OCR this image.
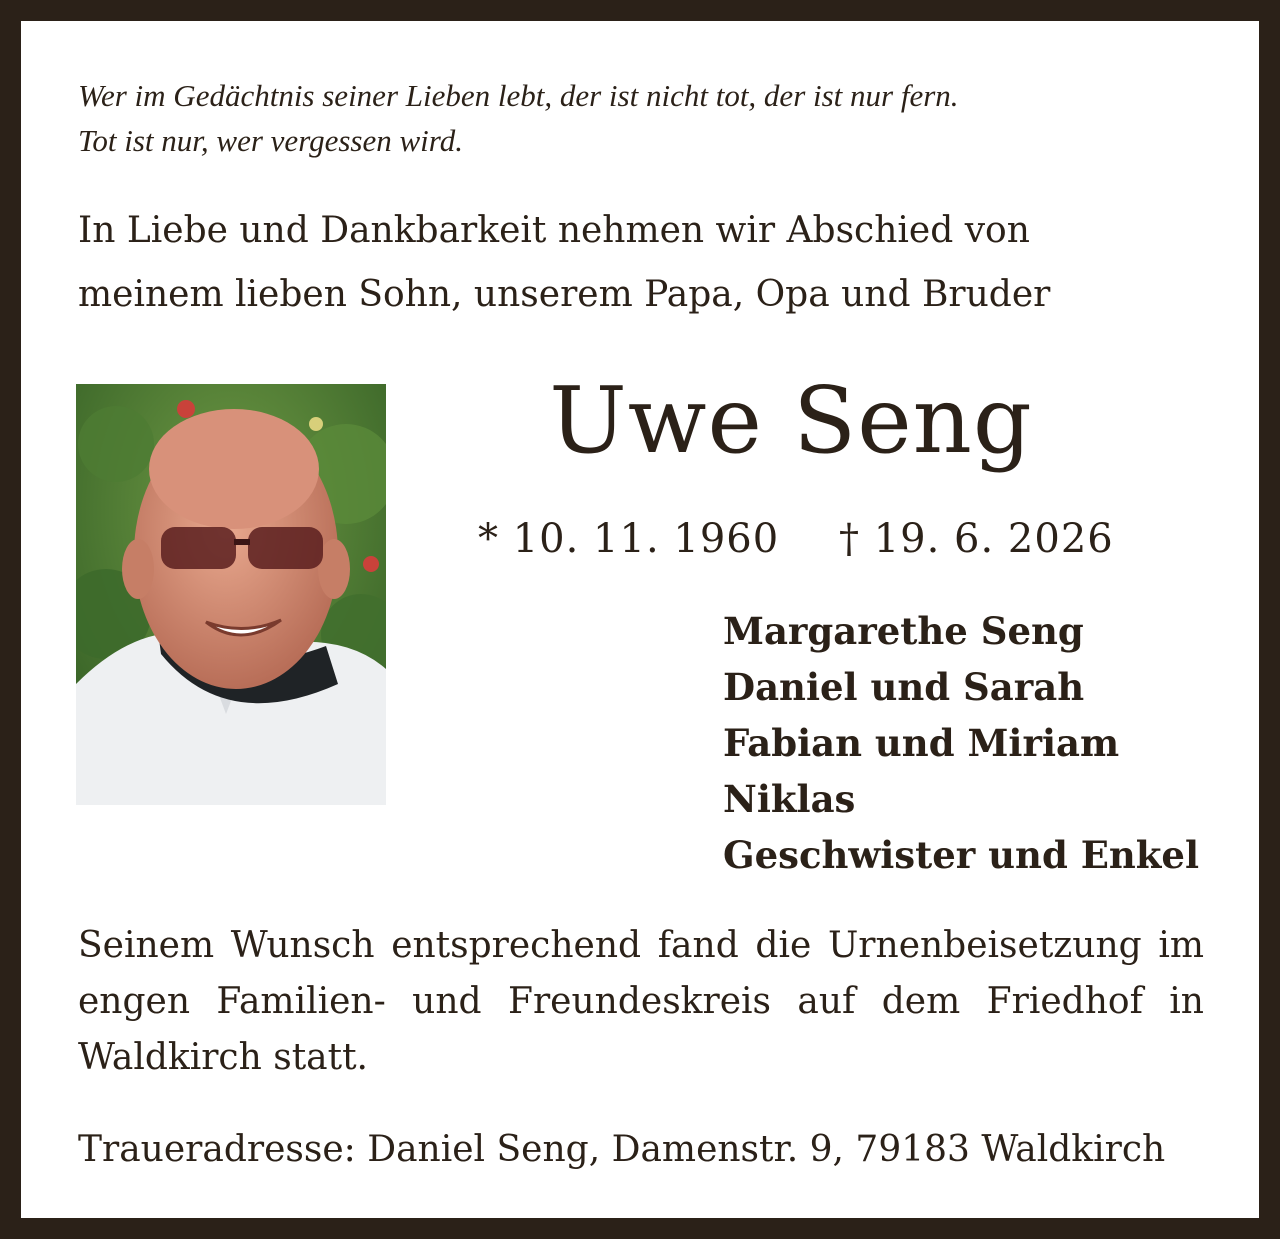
Wer im Gedächtnis seiner Lieben lebt, der ist nicht tot, der ist nur fern.
Tot ist nur, wer vergessen wird.

In Liebe und Dankbarkeit nehmen wir Abschied von
meinem lieben Sohn, unserem Papa, Opa und Bruder

Uwe Seng

* 10. 11. 1960 † 19. 6. 2026

Margarethe Seng
Daniel und Sarah
Fabian und Miriam
Niklas
Geschwister und Enkel

Seinem Wunsch entsprechend fand die Urnenbeisetzung im engen Familien- und Freundeskreis auf dem Friedhof in Waldkirch statt.

Traueradresse: Daniel Seng, Damenstr. 9, 79183 Waldkirch
